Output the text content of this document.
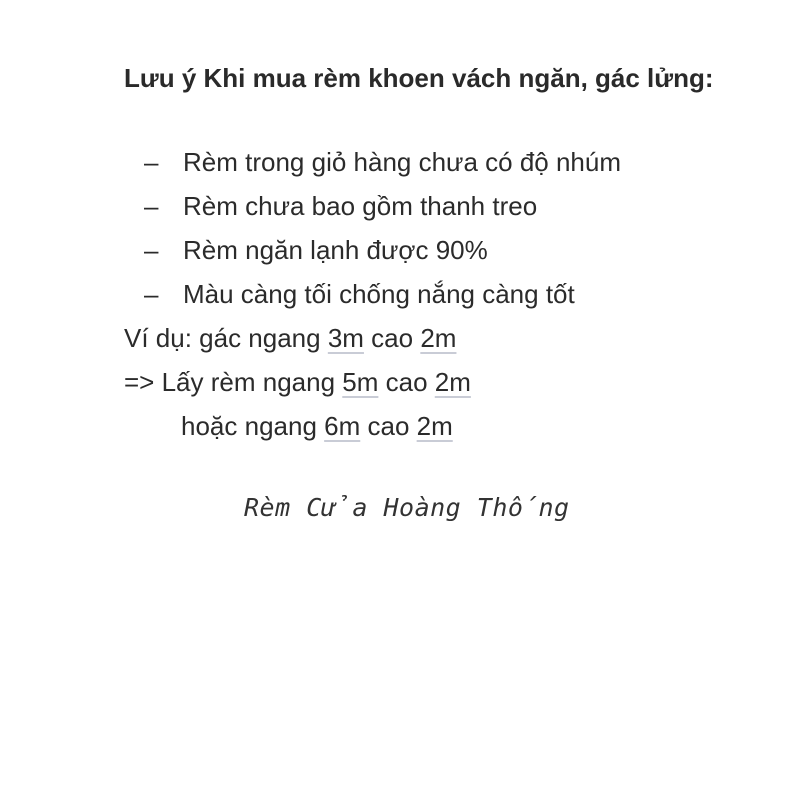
Lưu ý Khi mua rèm khoen vách ngăn, gác lửng:
– Rèm trong giỏ hàng chưa có độ nhúm
– Rèm chưa bao gồm thanh treo
– Rèm ngăn lạnh được 90%
– Màu càng tối chống nắng càng tốt
Ví dụ: gác ngang 3m cao 2m
=> Lấy rèm ngang 5m cao 2m
hoặc ngang 6m cao 2m
Rèm Cửa Hoàng Thống
